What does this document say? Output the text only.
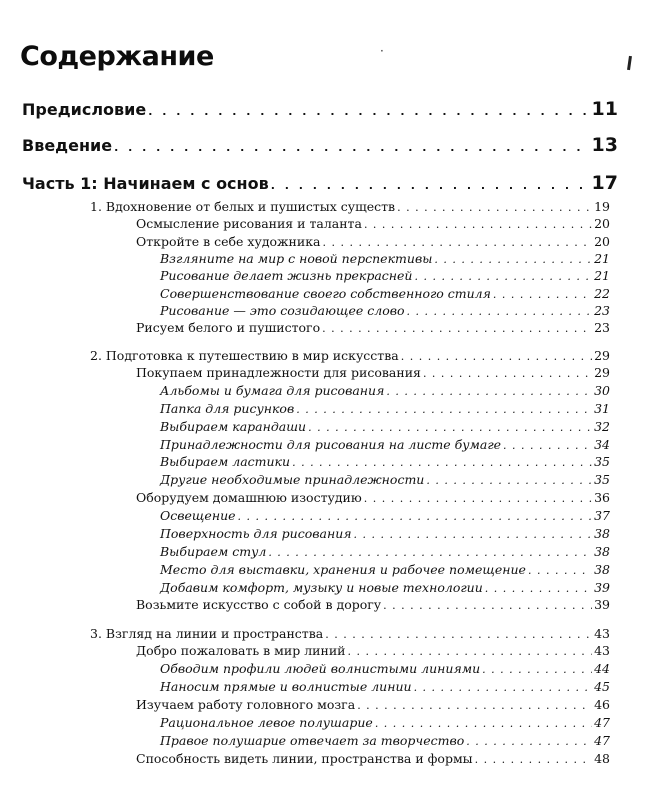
Содержание	·
Предисловие . . .	11
Введение . . .	13
Часть 1: Начинаем с основ . . .	17
1. Вдохновение от белых и пушистых существ . . .	19
Осмысление рисования и таланта . . .	20
Откройте в себе художника . . .	20
Взгляните на мир с новой перспективы . . .	21
Рисование делает жизнь прекрасней . . .	21
Совершенствование своего собственного стиля . . .	22
Рисование — это созидающее слово . . .	23
Рисуем белого и пушистого . . .	23
2. Подготовка к путешествию в мир искусства . . .	29
Покупаем принадлежности для рисования . . .	29
Альбомы и бумага для рисования . . .	30
Папка для рисунков . . .	31
Выбираем карандаши . . .	32
Принадлежности для рисования на листе бумаге . . .	34
Выбираем ластики . . .	35
Другие необходимые принадлежности . . .	35
Оборудуем домашнюю изостудию . . .	36
Освещение . . .	37
Поверхность для рисования . . .	38
Выбираем стул . . .	38
Место для выставки, хранения и рабочее помещение . . .	38
Добавим комфорт, музыку и новые технологии . . .	39
Возьмите искусство с собой в дорогу . . .	39
3. Взгляд на линии и пространства . . .	43
Добро пожаловать в мир линий . . .	43
Обводим профили людей волнистыми линиями . . .	44
Наносим прямые и волнистые линии . . .	45
Изучаем работу головного мозга . . .	46
Рациональное левое полушарие . . .	47
Правое полушарие отвечает за творчество . . .	47
Способность видеть линии, пространства и формы . . .	48
